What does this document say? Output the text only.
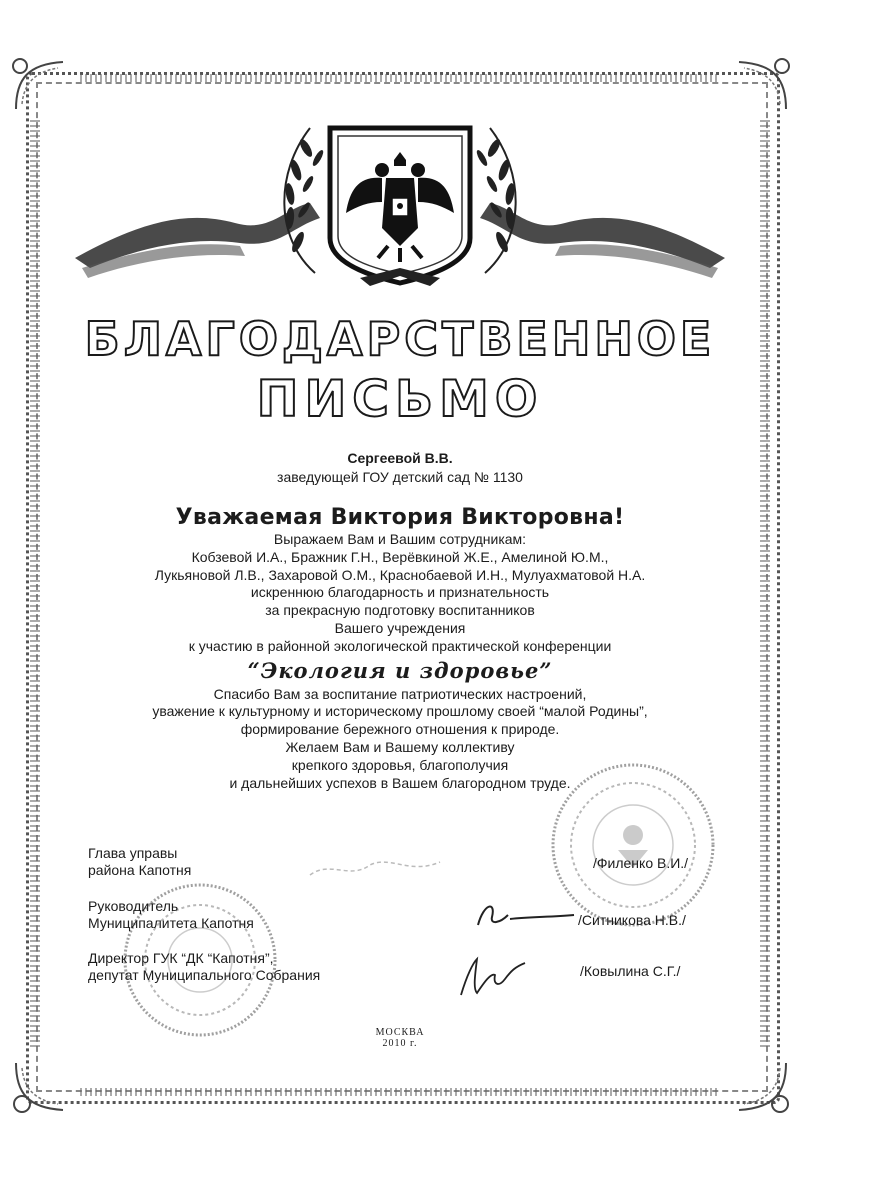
БЛАГОДАРСТВЕННОЕ
ПИСЬМО
Сергеевой В.В.
заведующей ГОУ детский сад № 1130
Уважаемая Виктория Викторовна!
Выражаем Вам и Вашим сотрудникам:
Кобзевой И.А., Бражник Г.Н., Верёвкиной Ж.Е., Амелиной Ю.М.,
Лукьяновой Л.В., Захаровой О.М., Краснобаевой И.Н., Мулуахматовой Н.А.
искреннюю благодарность и признательность
за прекрасную подготовку воспитанников
Вашего учреждения
к участию в районной экологической практической конференции
“Экология и здоровье”
Спасибо Вам за воспитание патриотических настроений,
уважение к культурному и историческому прошлому своей “малой Родины”,
формирование бережного отношения к природе.
Желаем Вам и Вашему коллективу
крепкого здоровья, благополучия
и дальнейших успехов в Вашем благородном труде.
Глава управы
района Капотня
Руководитель
Муниципалитета Капотня
Директор ГУК “ДК “Капотня”,
депутат Муниципального Собрания
/Филенко В.И./
/Ситникова Н.В./
/Ковылина С.Г./
МОСКВА
2010 г.
